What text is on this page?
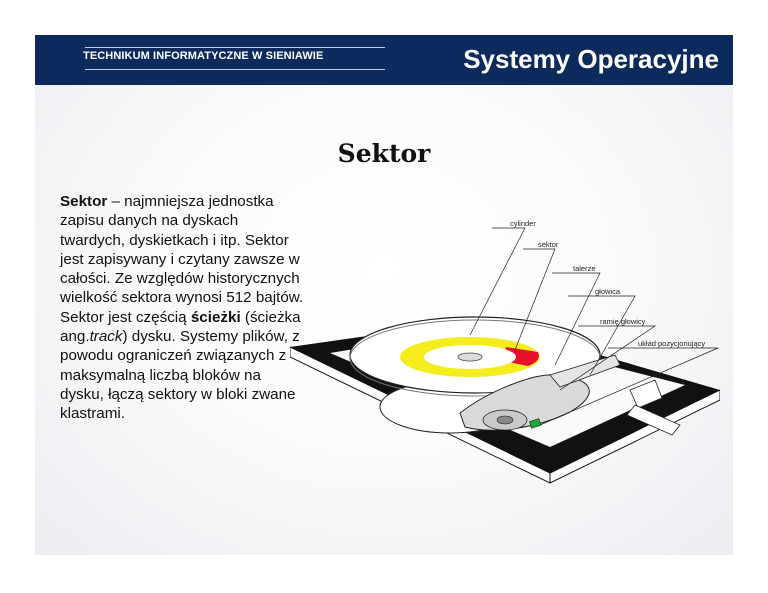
TECHNIKUM INFORMATYCZNE W SIENIAWIE	Systemy Operacyjne
Sektor
Sektor – najmniejsza jednostka zapisu danych na dyskach twardych, dyskietkach i itp. Sektor jest zapisywany i czytany zawsze w całości. Ze względów historycznych wielkość sektora wynosi 512 bajtów.
Sektor jest częścią ścieżki (ścieżka ang.track) dysku. Systemy plików, z powodu ograniczeń związanych z maksymalną liczbą bloków na dysku, łączą sektory w bloki zwane klastrami.
cylinder
sektor
talerze
głowica
ramię głowicy
układ pozycjonujący
